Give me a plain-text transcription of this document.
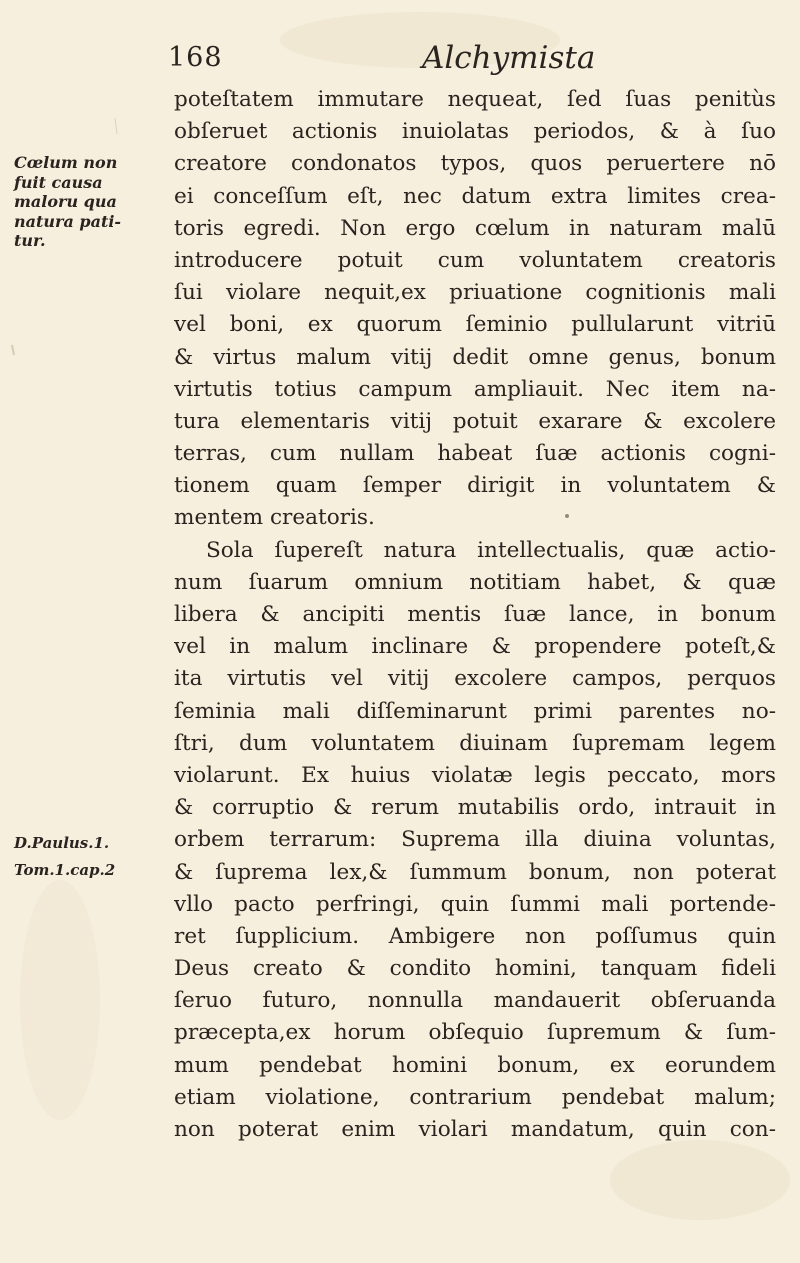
168	Alchymista
Cœlum non
fuit causa
maloru qua
natura pati-
tur.
D.Paulus.1.
Tom.1.cap.2
poteſtatem immutare nequeat, ſed ſuas penitùs
obſeruet actionis inuiolatas periodos, & à ſuo
creatore condonatos typos, quos peruertere nō
ei conceſſum eſt, nec datum extra limites crea-
toris egredi. Non ergo cœlum in naturam malū
introducere potuit cum voluntatem creatoris
ſui violare nequit,ex priuatione cognitionis mali
vel boni, ex quorum ſeminio pullularunt vitriū
& virtus malum vitij dedit omne genus, bonum
virtutis totius campum ampliauit. Nec item na-
tura elementaris vitij potuit exarare & excolere
terras, cum nullam habeat ſuæ actionis cogni-
tionem quam ſemper dirigit in voluntatem &
mentem creatoris.
Sola ſupereſt natura intellectualis, quæ actio-
num ſuarum omnium notitiam habet, & quæ
libera & ancipiti mentis ſuæ lance, in bonum
vel in malum inclinare & propendere poteſt,&
ita virtutis vel vitij excolere campos, perquos
ſeminia mali diſſeminarunt primi parentes no-
ſtri, dum voluntatem diuinam ſupremam legem
violarunt. Ex huius violatæ legis peccato, mors
& corruptio & rerum mutabilis ordo, intrauit in
orbem terrarum: Suprema illa diuina voluntas,
& ſuprema lex,& ſummum bonum, non poterat
vllo pacto perfringi, quin ſummi mali portende-
ret ſupplicium. Ambigere non poſſumus quin
Deus creato & condito homini, tanquam fideli
ſeruo futuro, nonnulla mandauerit obſeruanda
præcepta,ex horum obſequio ſupremum & ſum-
mum pendebat homini bonum, ex eorundem
etiam violatione, contrarium pendebat malum;
non poterat enim violari mandatum, quin con-
